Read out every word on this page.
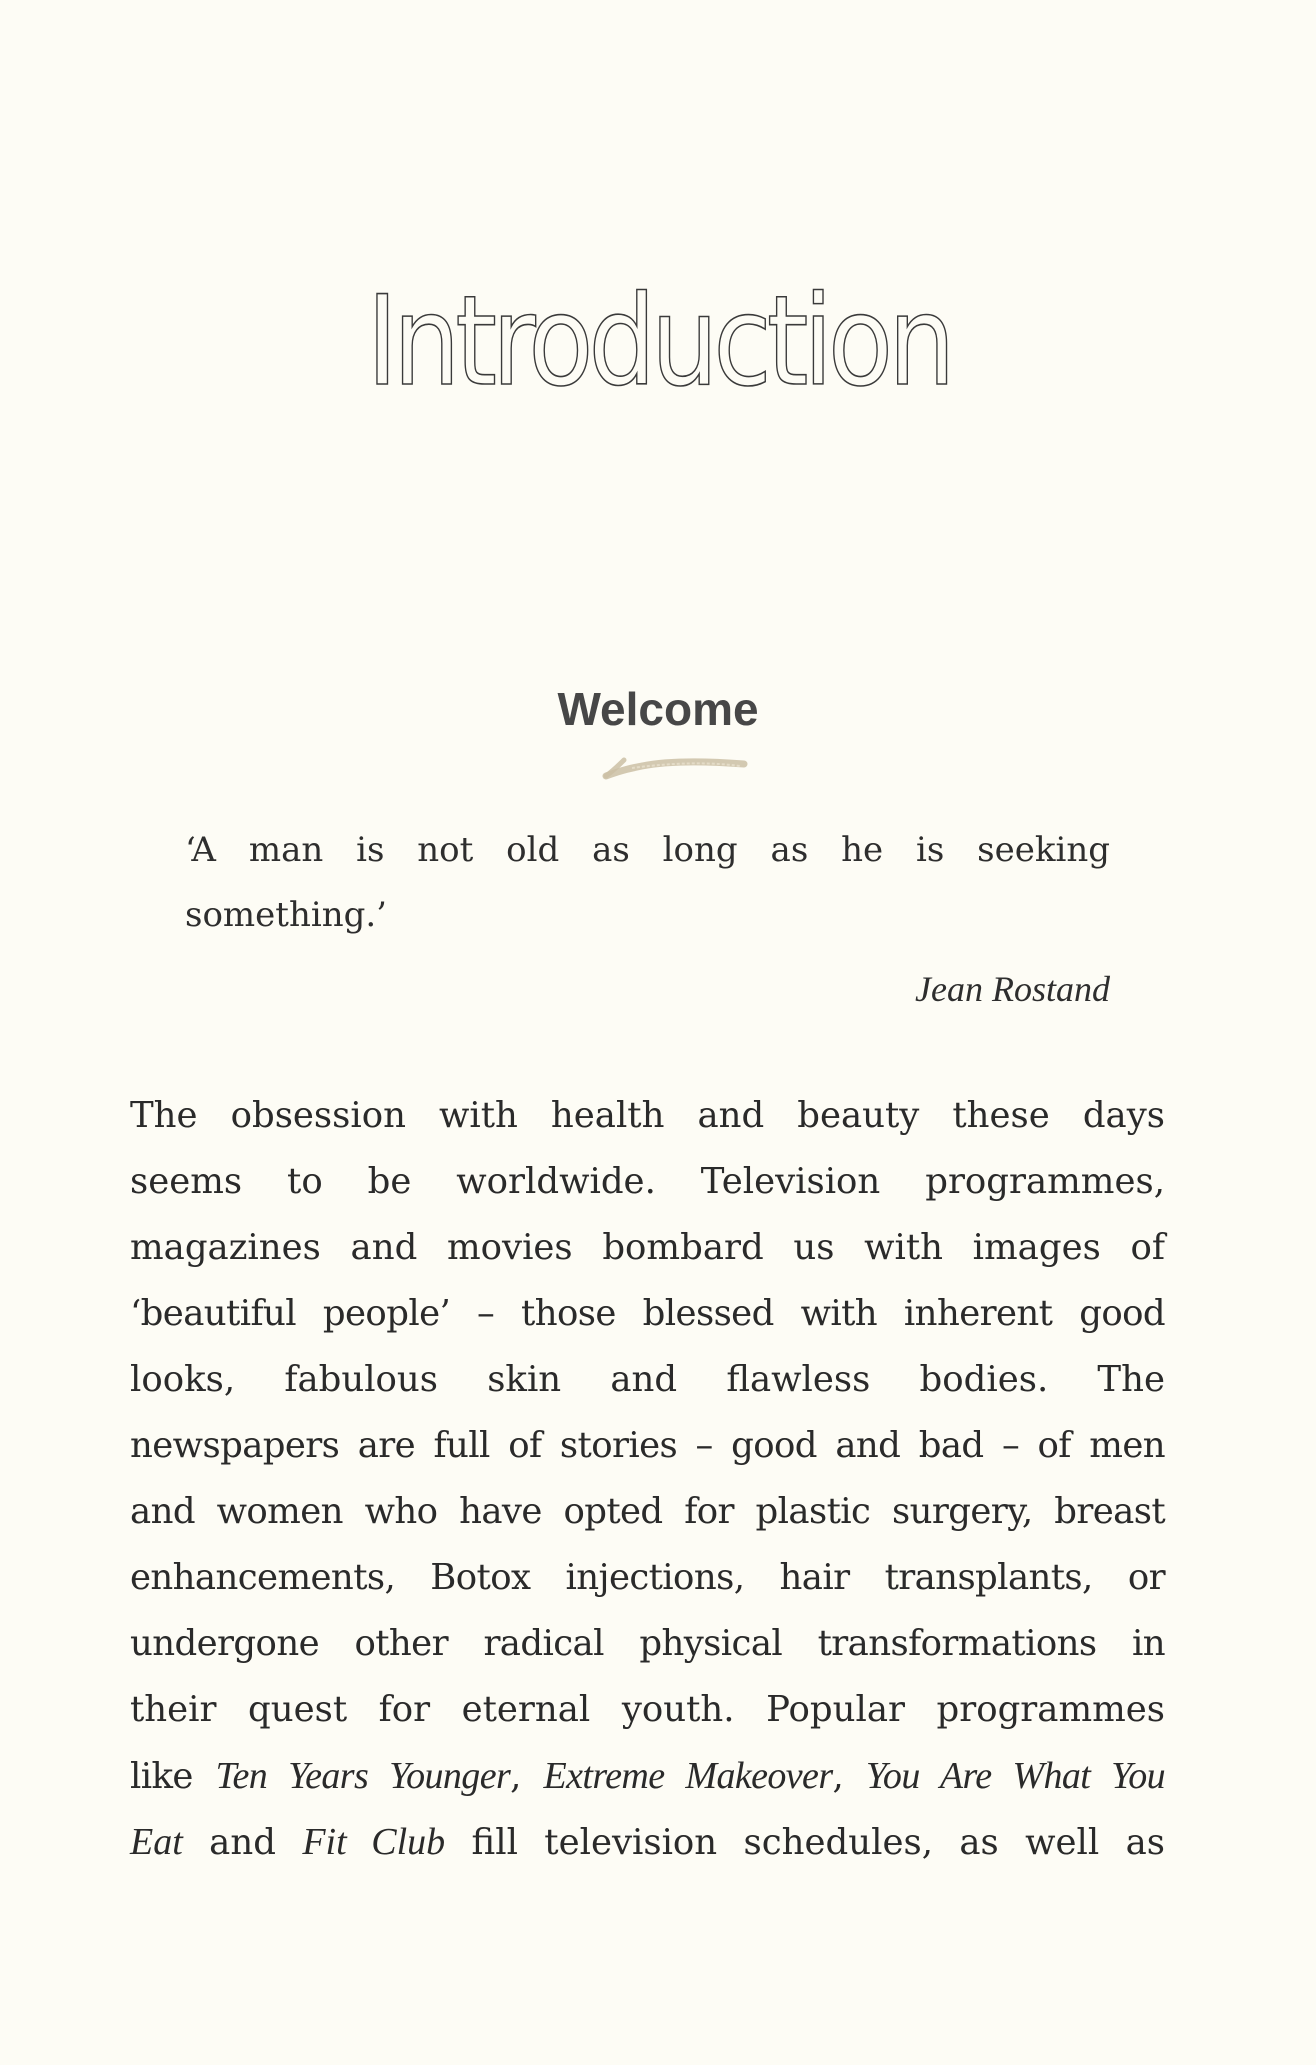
Introduction
Welcome
‘A man is not old as long as he is seeking something.’
Jean Rostand
The obsession with health and beauty these days
seems to be worldwide. Television programmes,
magazines and movies bombard us with images of
‘beautiful people’ – those blessed with inherent good
looks, fabulous skin and flawless bodies. The
newspapers are full of stories – good and bad – of men
and women who have opted for plastic surgery, breast
enhancements, Botox injections, hair transplants, or
undergone other radical physical transformations in
their quest for eternal youth. Popular programmes
like Ten Years Younger, Extreme Makeover, You Are What You
Eat and Fit Club fill television schedules, as well as
